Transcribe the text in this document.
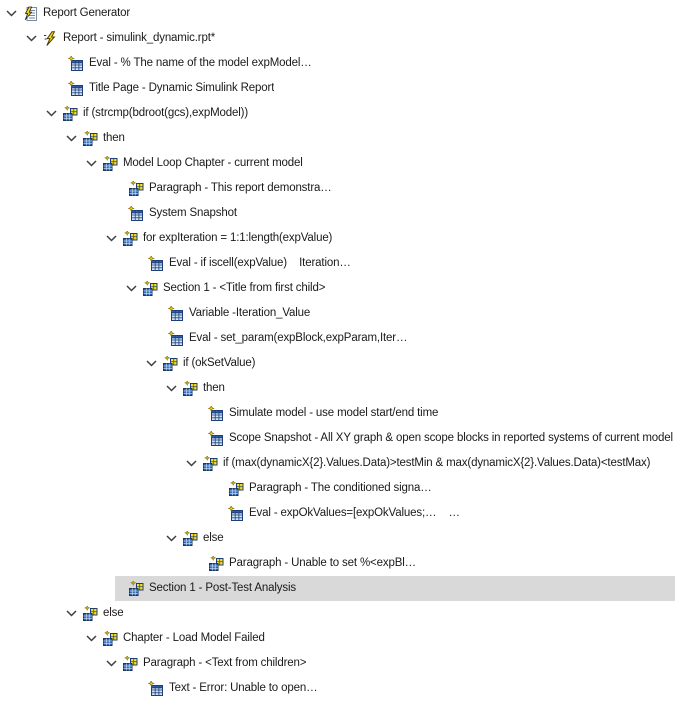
Report Generator
Report - simulink_dynamic.rpt*
Eval - % The name of the model expModel…
Title Page - Dynamic Simulink Report
if (strcmp(bdroot(gcs),expModel))
then
Model Loop Chapter - current model
Paragraph - This report demonstra…
System Snapshot
for expIteration = 1:1:length(expValue)
Eval - if iscell(expValue)    Iteration…
Section 1 - <Title from first child>
Variable -Iteration_Value
Eval - set_param(expBlock,expParam,Iter…
if (okSetValue)
then
Simulate model - use model start/end time
Scope Snapshot - All XY graph & open scope blocks in reported systems of current model
if (max(dynamicX{2}.Values.Data)>testMin & max(dynamicX{2}.Values.Data)<testMax)
Paragraph - The conditioned signa…
Eval - expOkValues=[expOkValues;…    …
else
Paragraph - Unable to set %<expBl…
Section 1 - Post-Test Analysis
else
Chapter - Load Model Failed
Paragraph - <Text from children>
Text - Error: Unable to open…
